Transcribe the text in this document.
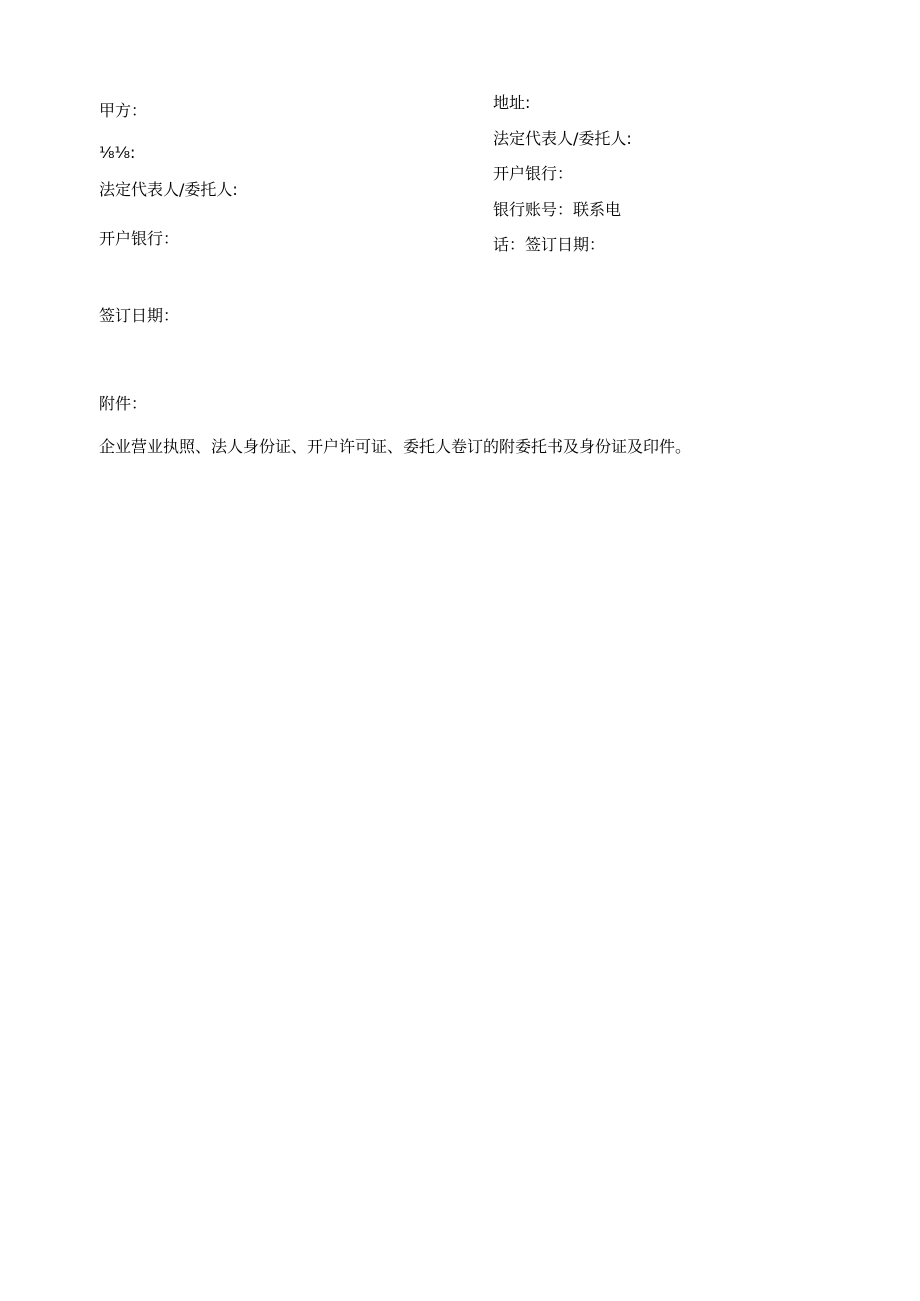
甲方：
⅛⅛:
法定代表人/委托人:
开户银行：
地址:
法定代表人/委托人:
开户银行：
银行账号：联系电
话：签订日期：
签订日期：
附件：
企业营业执照、法人身份证、开户许可证、委托人卷订的附委托书及身份证及印件。
